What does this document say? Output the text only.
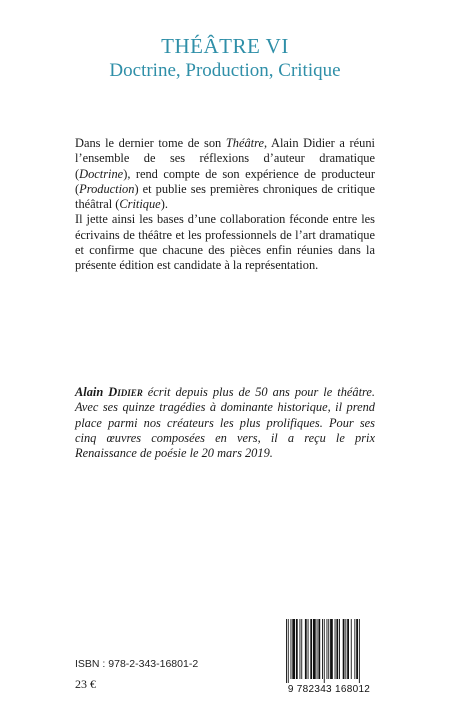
THÉÂTRE VI
Doctrine, Production, Critique

Dans le dernier tome de son Théâtre, Alain Didier a réuni l’ensemble de ses réflexions d’auteur dramatique (Doctrine), rend compte de son expérience de producteur (Production) et publie ses premières chroniques de critique théâtral (Critique).

Il jette ainsi les bases d’une collaboration féconde entre les écrivains de théâtre et les professionnels de l’art dramatique et confirme que chacune des pièces enfin réunies dans la présente édition est candidate à la représentation.

Alain Didier écrit depuis plus de 50 ans pour le théâtre. Avec ses quinze tragédies à dominante historique, il prend place parmi nos créateurs les plus prolifiques. Pour ses cinq œuvres composées en vers, il a reçu le prix Renaissance de poésie le 20 mars 2019.
ISBN : 978-2-343-16801-2
23 €	9 782343 168012
